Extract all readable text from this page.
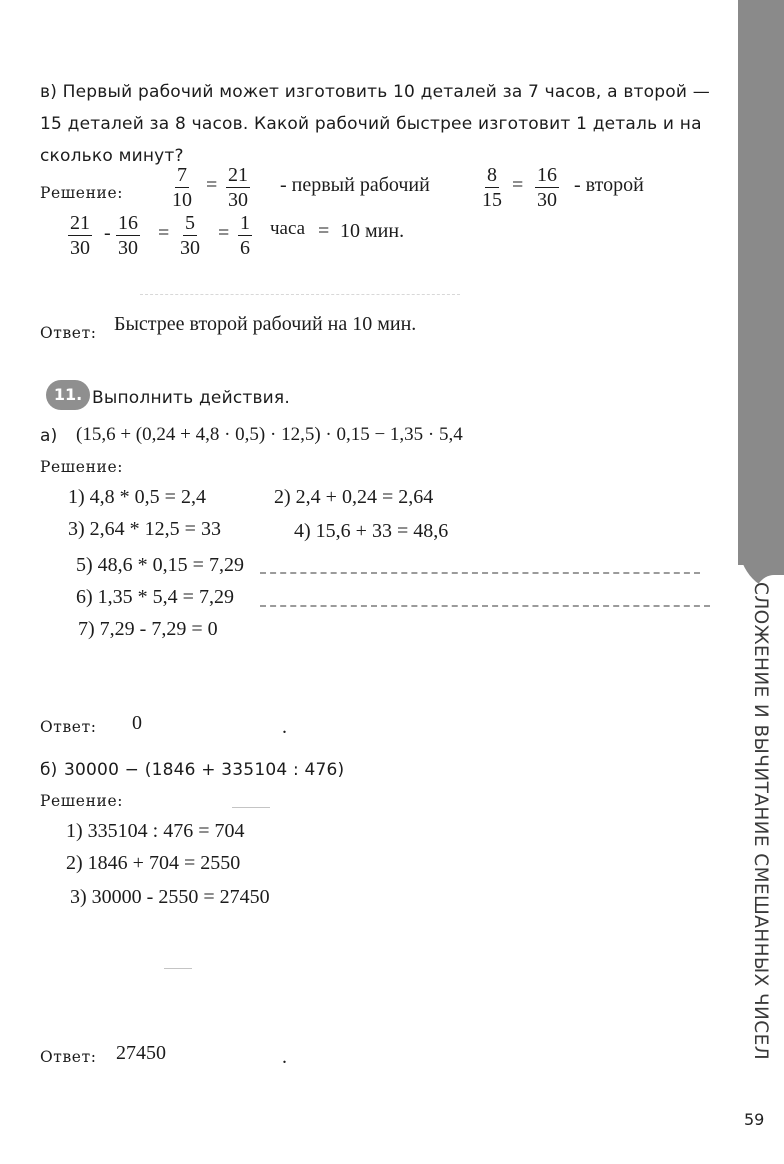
СЛОЖЕНИЕ И ВЫЧИТАНИЕ СМЕШАННЫХ ЧИСЕЛ
59
в) Первый рабочий может изготовить 10 деталей за 7 часов, а второй —
15 деталей за 8 часов. Какой рабочий быстрее изготовит 1 деталь и на
сколько минут?
Решение: $\frac{7}{10} = \frac{21}{30}$ - первый рабочий	$\frac{8}{15} = \frac{16}{30}$ - второй
$\frac{21}{30} - \frac{16}{30} = \frac{5}{30} = \frac{1}{6}$ часа = 10 мин.
Ответ: Быстрее второй рабочий на 10 мин.
11. Выполнить действия.
а) (15,6 + (0,24 + 4,8 · 0,5) · 12,5) · 0,15 − 1,35 · 5,4
Решение:
1) 4,8 * 0,5 = 2,4	2) 2,4 + 0,24 = 2,64
3) 2,64 * 12,5 = 33	4) 15,6 + 33 = 48,6
5) 48,6 * 0,15 = 7,29
6) 1,35 * 5,4 = 7,29
7) 7,29 - 7,29 = 0
Ответ: 0	.
б) 30000 − (1846 + 335104 : 476)
Решение:
1) 335104 : 476 = 704
2) 1846 + 704 = 2550
3) 30000 - 2550 = 27450
Ответ: 27450	.
